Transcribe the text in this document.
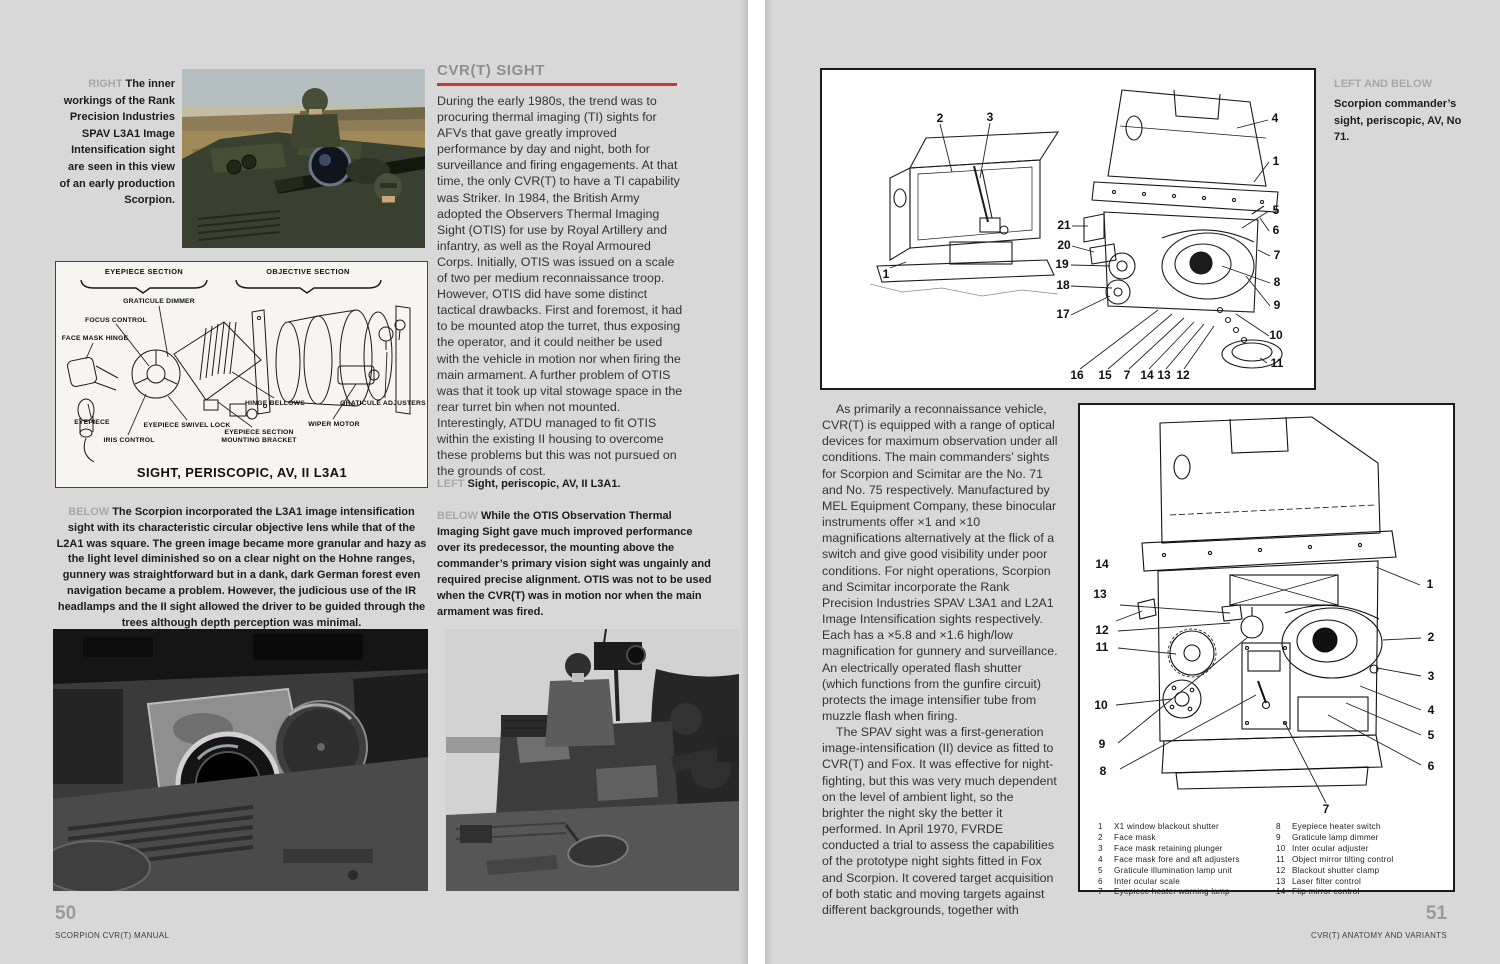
RIGHT The inner workings of the Rank Precision Industries SPAV L3A1 Image Intensification sight are seen in this view of an early production Scorpion.
EYEPIECE SECTION	OBJECTIVE SECTION
GRATICULE DIMMER
FOCUS CONTROL
FACE MASK HINGE
EYEPIECE
IRIS CONTROL
EYEPIECE SWIVEL LOCK
EYEPIECE SECTION MOUNTING BRACKET
HINGE BELLOWS
WIPER MOTOR
GRATICULE ADJUSTERS
SIGHT, PERISCOPIC, AV, II L3A1
BELOW The Scorpion incorporated the L3A1 image intensification sight with its characteristic circular objective lens while that of the L2A1 was square. The green image became more granular and hazy as the light level diminished so on a clear night on the Hohne ranges, gunnery was straightforward but in a dank, dark German forest even navigation became a problem. However, the judicious use of the IR headlamps and the II sight allowed the driver to be guided through the trees although depth perception was minimal.
CVR(T) SIGHT

During the early 1980s, the trend was to procuring thermal imaging (TI) sights for AFVs that gave greatly improved performance by day and night, both for surveillance and firing engagements. At that time, the only CVR(T) to have a TI capability was Striker. In 1984, the British Army adopted the Observers Thermal Imaging Sight (OTIS) for use by Royal Artillery and infantry, as well as the Royal Armoured Corps. Initially, OTIS was issued on a scale of two per medium reconnaissance troop. However, OTIS did have some distinct tactical drawbacks. First and foremost, it had to be mounted atop the turret, thus exposing the operator, and it could neither be used with the vehicle in motion nor when firing the main armament. A further problem of OTIS was that it took up vital stowage space in the rear turret bin when not mounted. Interestingly, ATDU managed to fit OTIS within the existing II housing to overcome these problems but this was not pursued on the grounds of cost.

LEFT Sight, periscopic, AV, II L3A1.
BELOW While the OTIS Observation Thermal Imaging Sight gave much improved performance over its predecessor, the mounting above the commander’s primary vision sight was ungainly and required precise alignment. OTIS was not to be used when the CVR(T) was in motion nor when the main armament was fired.
50
SCORPION CVR(T) MANUAL
2	3
1
21
20
19
18
17
4
1
5
6
7
8
9
10
11
16 15 7 14 13 12
LEFT AND BELOW
Scorpion commander’s sight, periscopic, AV, No 71.

As primarily a reconnaissance vehicle, CVR(T) is equipped with a range of optical devices for maximum observation under all conditions. The main commanders’ sights for Scorpion and Scimitar are the No. 71 and No. 75 respectively. Manufactured by MEL Equipment Company, these binocular instruments offer ×1 and ×10 magnifications alternatively at the flick of a switch and give good visibility under poor conditions. For night operations, Scorpion and Scimitar incorporate the Rank Precision Industries SPAV L3A1 and L2A1 Image Intensification sights respectively. Each has a ×5.8 and ×1.6 high/low magnification for gunnery and surveillance. An electrically operated flash shutter (which functions from the gunfire circuit) protects the image intensifier tube from muzzle flash when firing.

The SPAV sight was a first-generation image-intensification (II) device as fitted to CVR(T) and Fox. It was effective for night-fighting, but this was very much dependent on the level of ambient light, so the brighter the night sky the better it performed. In April 1970, FVRDE conducted a trial to assess the capabilities of the prototype night sights fitted in Fox and Scorpion. It covered target acquisition of both static and moving targets against different backgrounds, together with

14
13
12
11
10
9
8
1
2
3
4
5
6
7
1	X1 window blackout shutter
2	Face mask
3	Face mask retaining plunger
4	Face mask fore and aft adjusters
5	Graticule illumination lamp unit
6	Inter ocular scale
7	Eyepiece heater warning lamp
8	Eyepiece heater switch
9	Graticule lamp dimmer
10 Inter ocular adjuster
11 Object mirror tilting control
12 Blackout shutter clamp
13 Laser filter control
14 Flip mirror control
51
CVR(T) ANATOMY AND VARIANTS
